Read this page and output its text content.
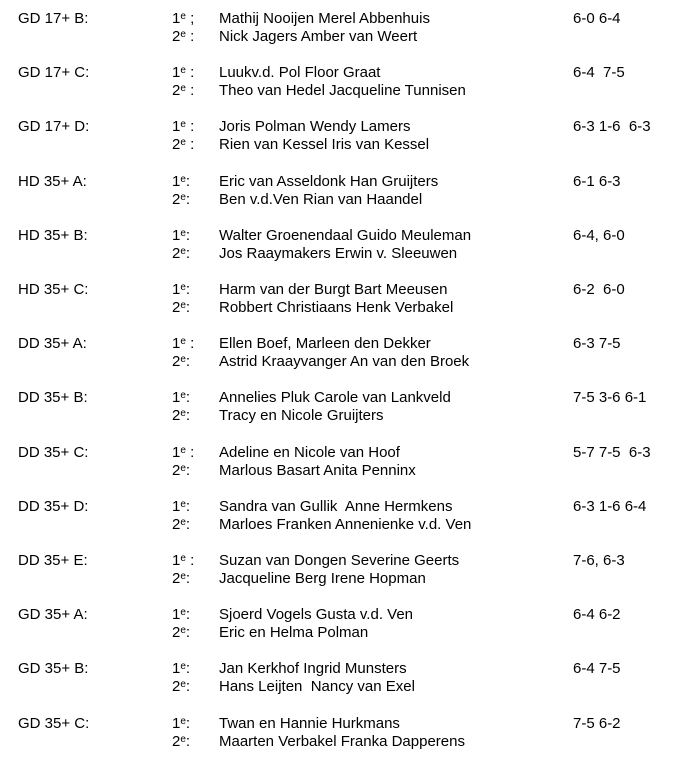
GD 17+ B:	1e ; Mathij Nooijen Merel Abbenhuis	6-0 6-4
2e : Nick Jagers Amber van Weert
GD 17+ C:	1e : Luukv.d. Pol Floor Graat	6-4  7-5
2e : Theo van Hedel Jacqueline Tunnisen
GD 17+ D:	1e : Joris Polman Wendy Lamers	6-3 1-6  6-3
2e : Rien van Kessel Iris van Kessel
HD 35+ A:	1e: Eric van Asseldonk Han Gruijters	6-1 6-3
2e: Ben v.d.Ven Rian van Haandel
HD 35+ B:	1e: Walter Groenendaal Guido Meuleman	6-4, 6-0
2e: Jos Raaymakers Erwin v. Sleeuwen
HD 35+ C:	1e: Harm van der Burgt Bart Meeusen	6-2  6-0
2e: Robbert Christiaans Henk Verbakel
DD 35+ A:	1e : Ellen Boef, Marleen den Dekker	6-3 7-5
2e: Astrid Kraayvanger An van den Broek
DD 35+ B:	1e: Annelies Pluk Carole van Lankveld	7-5 3-6 6-1
2e: Tracy en Nicole Gruijters
DD 35+ C:	1e : Adeline en Nicole van Hoof	5-7 7-5  6-3
2e: Marlous Basart Anita Penninx
DD 35+ D:	1e: Sandra van Gullik  Anne Hermkens	6-3 1-6 6-4
2e: Marloes Franken Annenienke v.d. Ven
DD 35+ E:	1e : Suzan van Dongen Severine Geerts	7-6, 6-3
2e: Jacqueline Berg Irene Hopman
GD 35+ A:	1e: Sjoerd Vogels Gusta v.d. Ven	6-4 6-2
2e: Eric en Helma Polman
GD 35+ B:	1e: Jan Kerkhof Ingrid Munsters	6-4 7-5
2e: Hans Leijten  Nancy van Exel
GD 35+ C:	1e: Twan en Hannie Hurkmans	7-5 6-2
2e: Maarten Verbakel Franka Dapperens
